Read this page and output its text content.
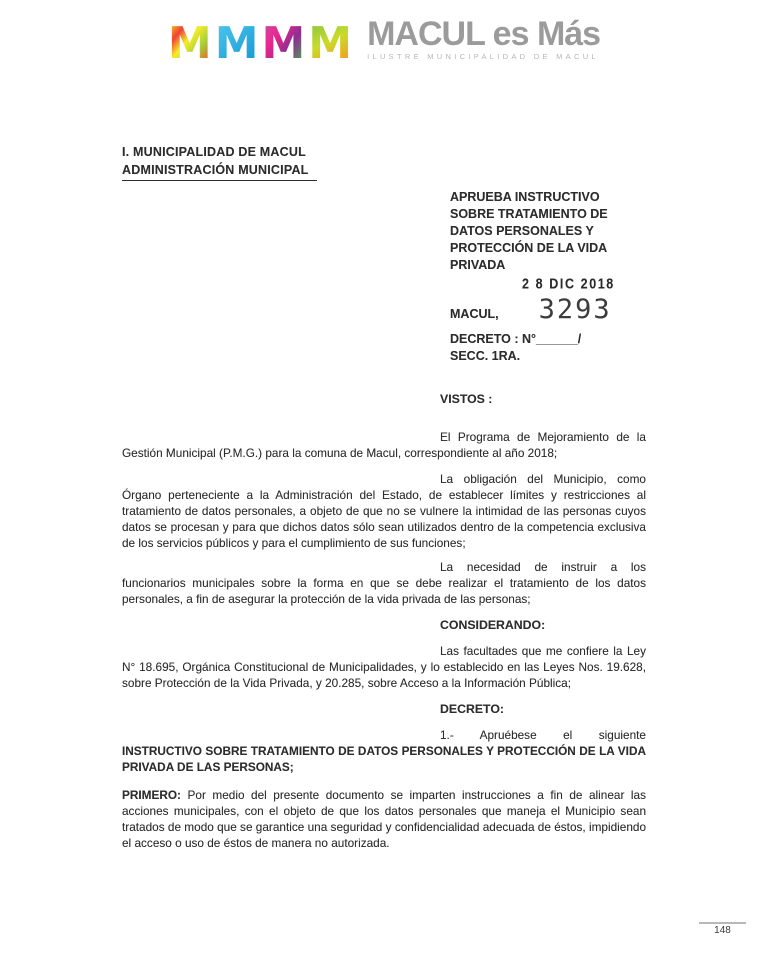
M M M M MACUL es Más
ILUSTRE MUNICIPALIDAD DE MACUL
I. MUNICIPALIDAD DE MACUL
ADMINISTRACIÓN MUNICIPAL
APRUEBA INSTRUCTIVO
SOBRE TRATAMIENTO DE
DATOS PERSONALES Y
PROTECCIÓN DE LA VIDA
PRIVADA
2 8 DIC 2018
MACUL, 3293
DECRETO : N°______/
SECC. 1RA.
VISTOS :

El Programa de Mejoramiento de la Gestión Municipal (P.M.G.) para la comuna de Macul, correspondiente al año 2018;

La obligación del Municipio, como Órgano perteneciente a la Administración del Estado, de establecer límites y restricciones al tratamiento de datos personales, a objeto de que no se vulnere la intimidad de las personas cuyos datos se procesan y para que dichos datos sólo sean utilizados dentro de la competencia exclusiva de los servicios públicos y para el cumplimiento de sus funciones;

La necesidad de instruir a los funcionarios municipales sobre la forma en que se debe realizar el tratamiento de los datos personales, a fin de asegurar la protección de la vida privada de las personas;

CONSIDERANDO:

Las facultades que me confiere la Ley N° 18.695, Orgánica Constitucional de Municipalidades, y lo establecido en las Leyes Nos. 19.628, sobre Protección de la Vida Privada, y 20.285, sobre Acceso a la Información Pública;

DECRETO:

1.- Apruébese el siguiente INSTRUCTIVO SOBRE TRATAMIENTO DE DATOS PERSONALES Y PROTECCIÓN DE LA VIDA PRIVADA DE LAS PERSONAS;

PRIMERO: Por medio del presente documento se imparten instrucciones a fin de alinear las acciones municipales, con el objeto de que los datos personales que maneja el Municipio sean tratados de modo que se garantice una seguridad y confidencialidad adecuada de éstos, impidiendo el acceso o uso de éstos de manera no autorizada.

148
